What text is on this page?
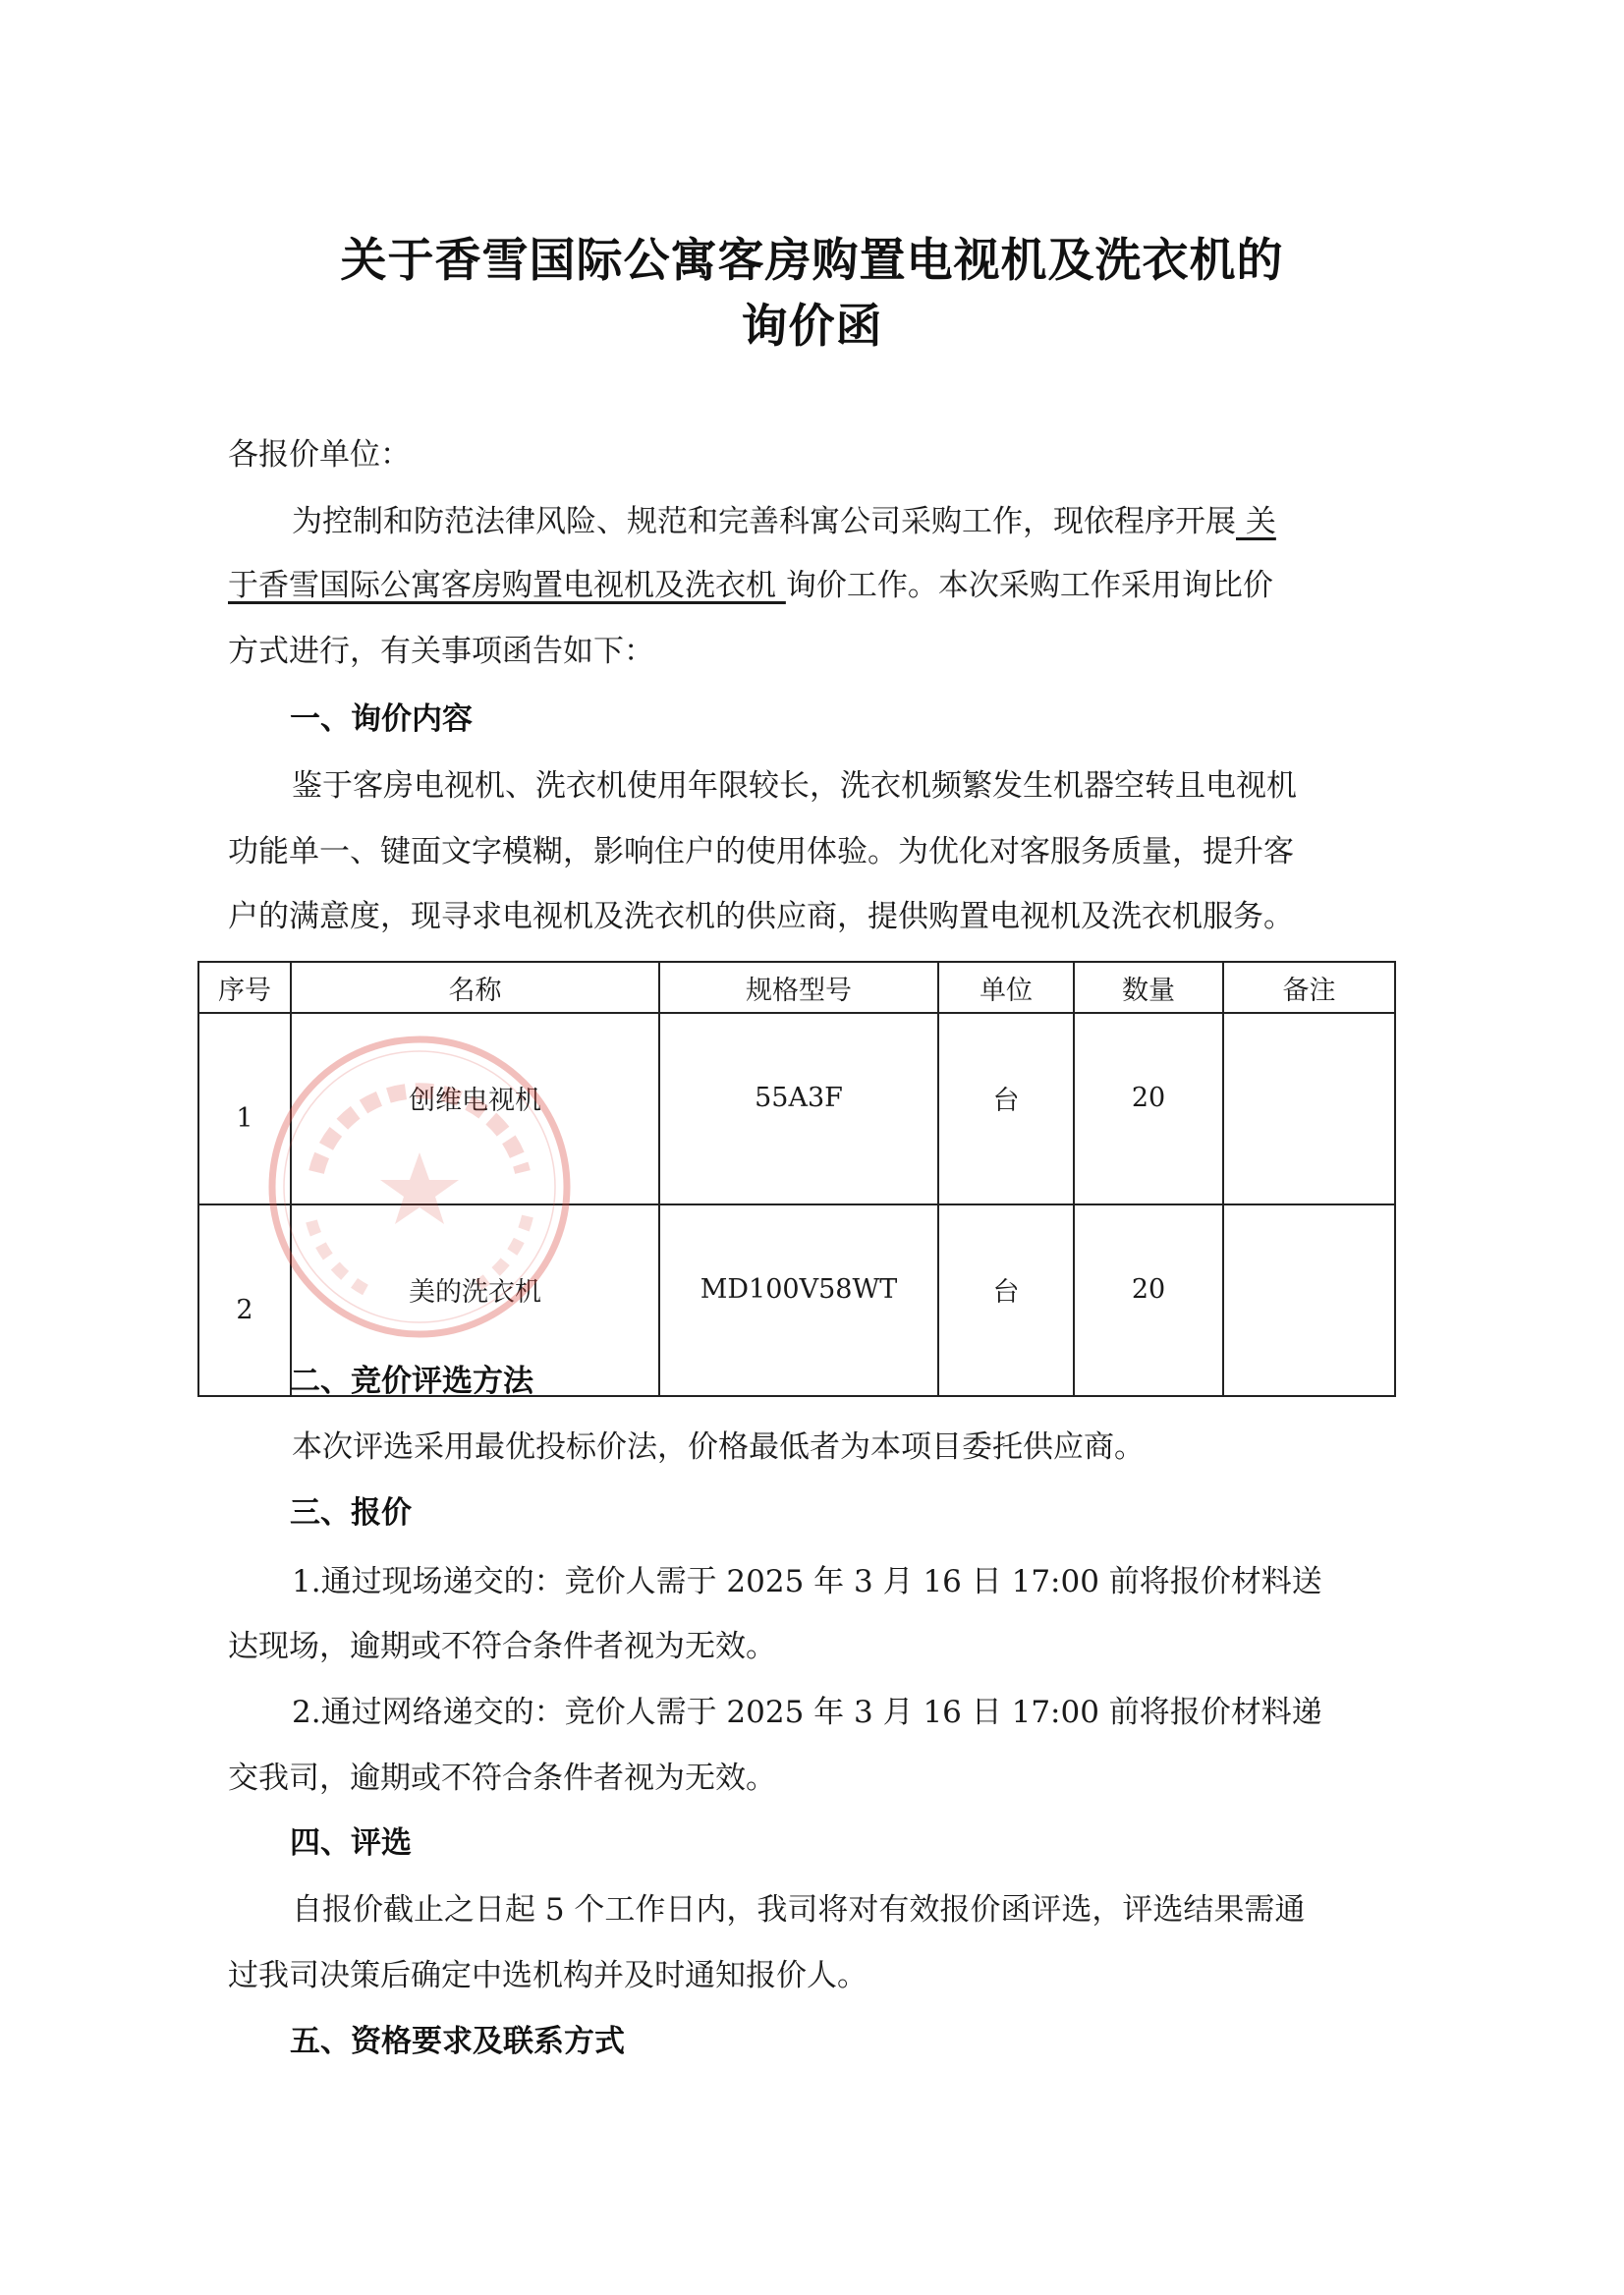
关于香雪国际公寓客房购置电视机及洗衣机的
询价函
各报价单位：
为控制和防范法律风险、规范和完善科寓公司采购工作，现依程序开展 关
于香雪国际公寓客房购置电视机及洗衣机 询价工作。本次采购工作采用询比价
方式进行，有关事项函告如下：
一、询价内容
鉴于客房电视机、洗衣机使用年限较长，洗衣机频繁发生机器空转且电视机
功能单一、键面文字模糊，影响住户的使用体验。为优化对客服务质量，提升客
户的满意度，现寻求电视机及洗衣机的供应商，提供购置电视机及洗衣机服务。
序号	名称	规格型号	单位	数量	备注
1	创维电视机	55A3F	台	20	
2	美的洗衣机	MD100V58WT	台	20	
二、竞价评选方法
本次评选采用最优投标价法，价格最低者为本项目委托供应商。
三、报价
1.通过现场递交的：竞价人需于 2025 年 3 月 16 日 17:00 前将报价材料送
达现场，逾期或不符合条件者视为无效。
2.通过网络递交的：竞价人需于 2025 年 3 月 16 日 17:00 前将报价材料递
交我司，逾期或不符合条件者视为无效。
四、评选
自报价截止之日起 5 个工作日内，我司将对有效报价函评选，评选结果需通
过我司决策后确定中选机构并及时通知报价人。
五、资格要求及联系方式
